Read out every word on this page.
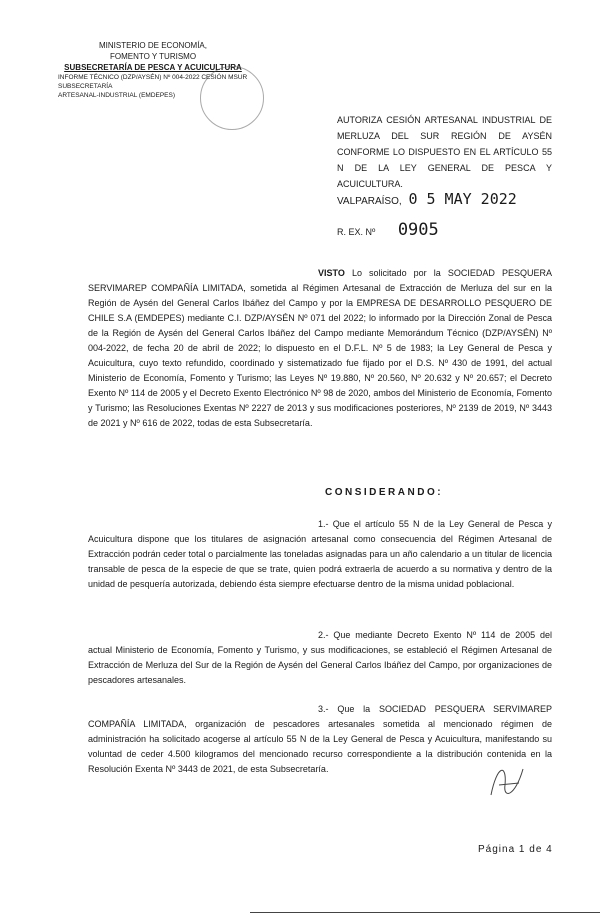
MINISTERIO DE ECONOMÍA,
FOMENTO Y TURISMO
SUBSECRETARÍA DE PESCA Y ACUICULTURA
INFORME TÉCNICO (DZP/AYSÉN) Nº 004-2022 CESIÓN MSUR
SUBSECRETARÍA
ARTESANAL-INDUSTRIAL (EMDEPES)
AUTORIZA CESIÓN ARTESANAL INDUSTRIAL DE MERLUZA DEL SUR REGIÓN DE AYSÉN CONFORME LO DISPUESTO EN EL ARTÍCULO 55 N DE LA LEY GENERAL DE PESCA Y ACUICULTURA.
VALPARAÍSO, 0 5 MAY 2022
R. EX. Nº 0905
VISTO Lo solicitado por la SOCIEDAD PESQUERA SERVIMAREP COMPAÑÍA LIMITADA, sometida al Régimen Artesanal de Extracción de Merluza del sur en la Región de Aysén del General Carlos Ibáñez del Campo y por la EMPRESA DE DESARROLLO PESQUERO DE CHILE S.A (EMDEPES) mediante C.I. DZP/AYSÉN Nº 071 del 2022; lo informado por la Dirección Zonal de Pesca de la Región de Aysén del General Carlos Ibáñez del Campo mediante Memorándum Técnico (DZP/AYSÉN) Nº 004-2022, de fecha 20 de abril de 2022; lo dispuesto en el D.F.L. Nº 5 de 1983; la Ley General de Pesca y Acuicultura, cuyo texto refundido, coordinado y sistematizado fue fijado por el D.S. Nº 430 de 1991, del actual Ministerio de Economía, Fomento y Turismo; las Leyes Nº 19.880, Nº 20.560, Nº 20.632 y Nº 20.657; el Decreto Exento Nº 114 de 2005 y el Decreto Exento Electrónico Nº 98 de 2020, ambos del Ministerio de Economía, Fomento y Turismo; las Resoluciones Exentas Nº 2227 de 2013 y sus modificaciones posteriores, Nº 2139 de 2019, Nº 3443 de 2021 y Nº 616 de 2022, todas de esta Subsecretaría.
CONSIDERANDO:
1.- Que el artículo 55 N de la Ley General de Pesca y Acuicultura dispone que los titulares de asignación artesanal como consecuencia del Régimen Artesanal de Extracción podrán ceder total o parcialmente las toneladas asignadas para un año calendario a un titular de licencia transable de pesca de la especie de que se trate, quien podrá extraerla de acuerdo a su normativa y dentro de la unidad de pesquería autorizada, debiendo ésta siempre efectuarse dentro de la misma unidad poblacional.
2.- Que mediante Decreto Exento Nº 114 de 2005 del actual Ministerio de Economía, Fomento y Turismo, y sus modificaciones, se estableció el Régimen Artesanal de Extracción de Merluza del Sur de la Región de Aysén del General Carlos Ibáñez del Campo, por organizaciones de pescadores artesanales.
3.- Que la SOCIEDAD PESQUERA SERVIMAREP COMPAÑÍA LIMITADA, organización de pescadores artesanales sometida al mencionado régimen de administración ha solicitado acogerse al artículo 55 N de la Ley General de Pesca y Acuicultura, manifestando su voluntad de ceder 4.500 kilogramos del mencionado recurso correspondiente a la distribución contenida en la Resolución Exenta Nº 3443 de 2021, de esta Subsecretaría.
Página 1 de 4
